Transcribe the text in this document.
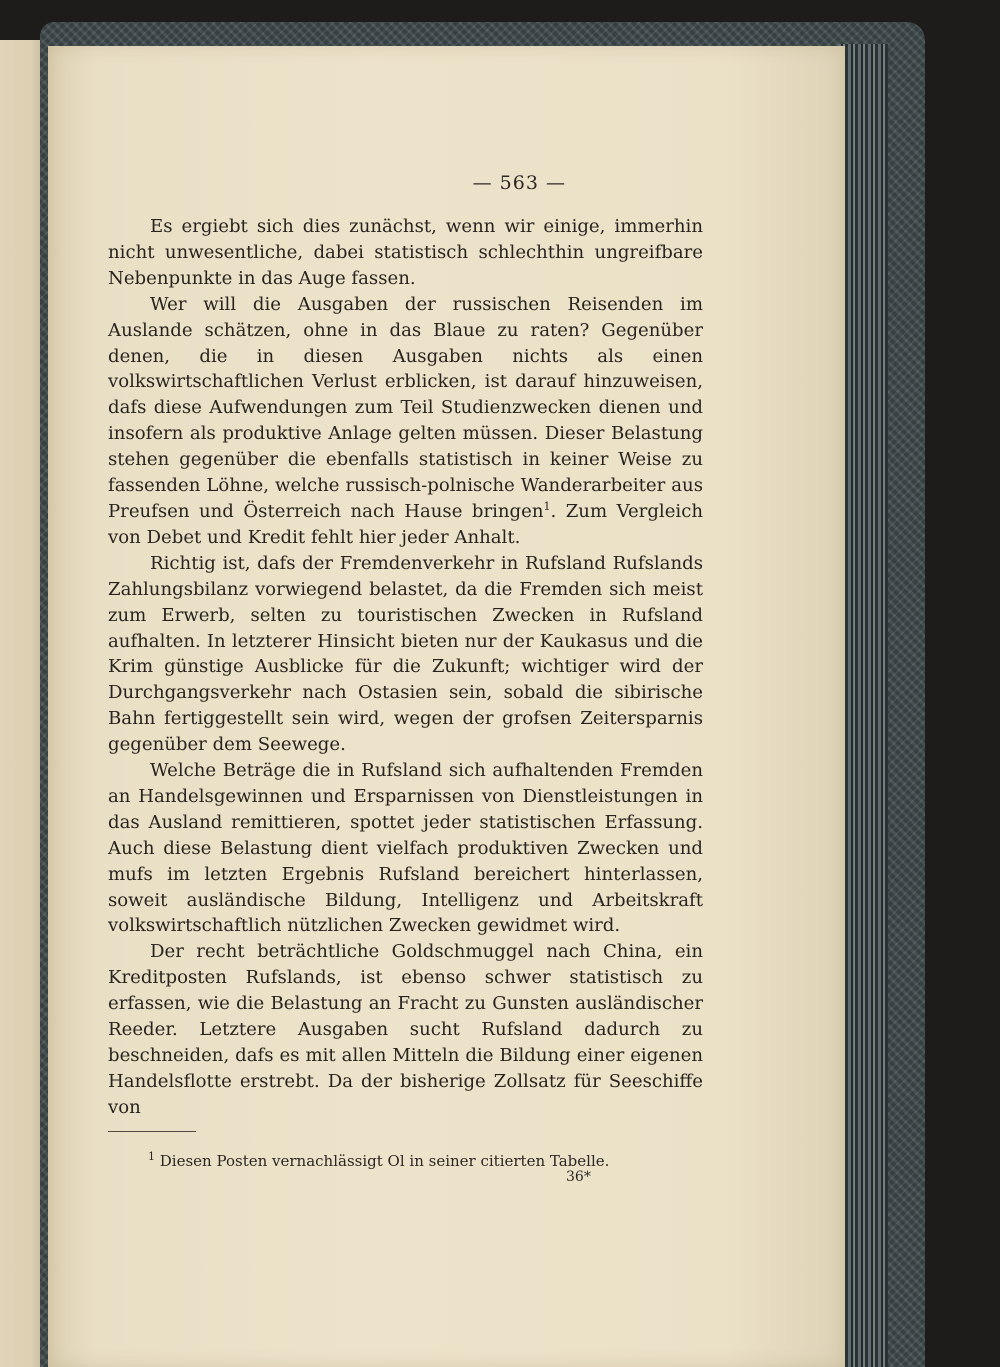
— 563 —

Es ergiebt sich dies zunächst, wenn wir einige, immerhin nicht unwesentliche, dabei statistisch schlechthin ungreifbare Nebenpunkte in das Auge fassen.

Wer will die Ausgaben der russischen Reisenden im Auslande schätzen, ohne in das Blaue zu raten? Gegenüber denen, die in diesen Ausgaben nichts als einen volkswirtschaftlichen Verlust erblicken, ist darauf hinzuweisen, dafs diese Aufwendungen zum Teil Studienzwecken dienen und insofern als produktive Anlage gelten müssen. Dieser Belastung stehen gegenüber die ebenfalls statistisch in keiner Weise zu fassenden Löhne, welche russisch-polnische Wanderarbeiter aus Preufsen und Österreich nach Hause bringen$^1$. Zum Vergleich von Debet und Kredit fehlt hier jeder Anhalt.

Richtig ist, dafs der Fremdenverkehr in Rufsland Rufslands Zahlungsbilanz vorwiegend belastet, da die Fremden sich meist zum Erwerb, selten zu touristischen Zwecken in Rufsland aufhalten. In letzterer Hinsicht bieten nur der Kaukasus und die Krim günstige Ausblicke für die Zukunft; wichtiger wird der Durchgangsverkehr nach Ostasien sein, sobald die sibirische Bahn fertiggestellt sein wird, wegen der grofsen Zeitersparnis gegenüber dem Seewege.

Welche Beträge die in Rufsland sich aufhaltenden Fremden an Handelsgewinnen und Ersparnissen von Dienstleistungen in das Ausland remittieren, spottet jeder statistischen Erfassung. Auch diese Belastung dient vielfach produktiven Zwecken und mufs im letzten Ergebnis Rufsland bereichert hinterlassen, soweit ausländische Bildung, Intelligenz und Arbeitskraft volkswirtschaftlich nützlichen Zwecken gewidmet wird.

Der recht beträchtliche Goldschmuggel nach China, ein Kreditposten Rufslands, ist ebenso schwer statistisch zu erfassen, wie die Belastung an Fracht zu Gunsten ausländischer Reeder. Letztere Ausgaben sucht Rufsland dadurch zu beschneiden, dafs es mit allen Mitteln die Bildung einer eigenen Handelsflotte erstrebt. Da der bisherige Zollsatz für Seeschiffe von

$^1$ Diesen Posten vernachlässigt Ol in seiner citierten Tabelle.
36*
